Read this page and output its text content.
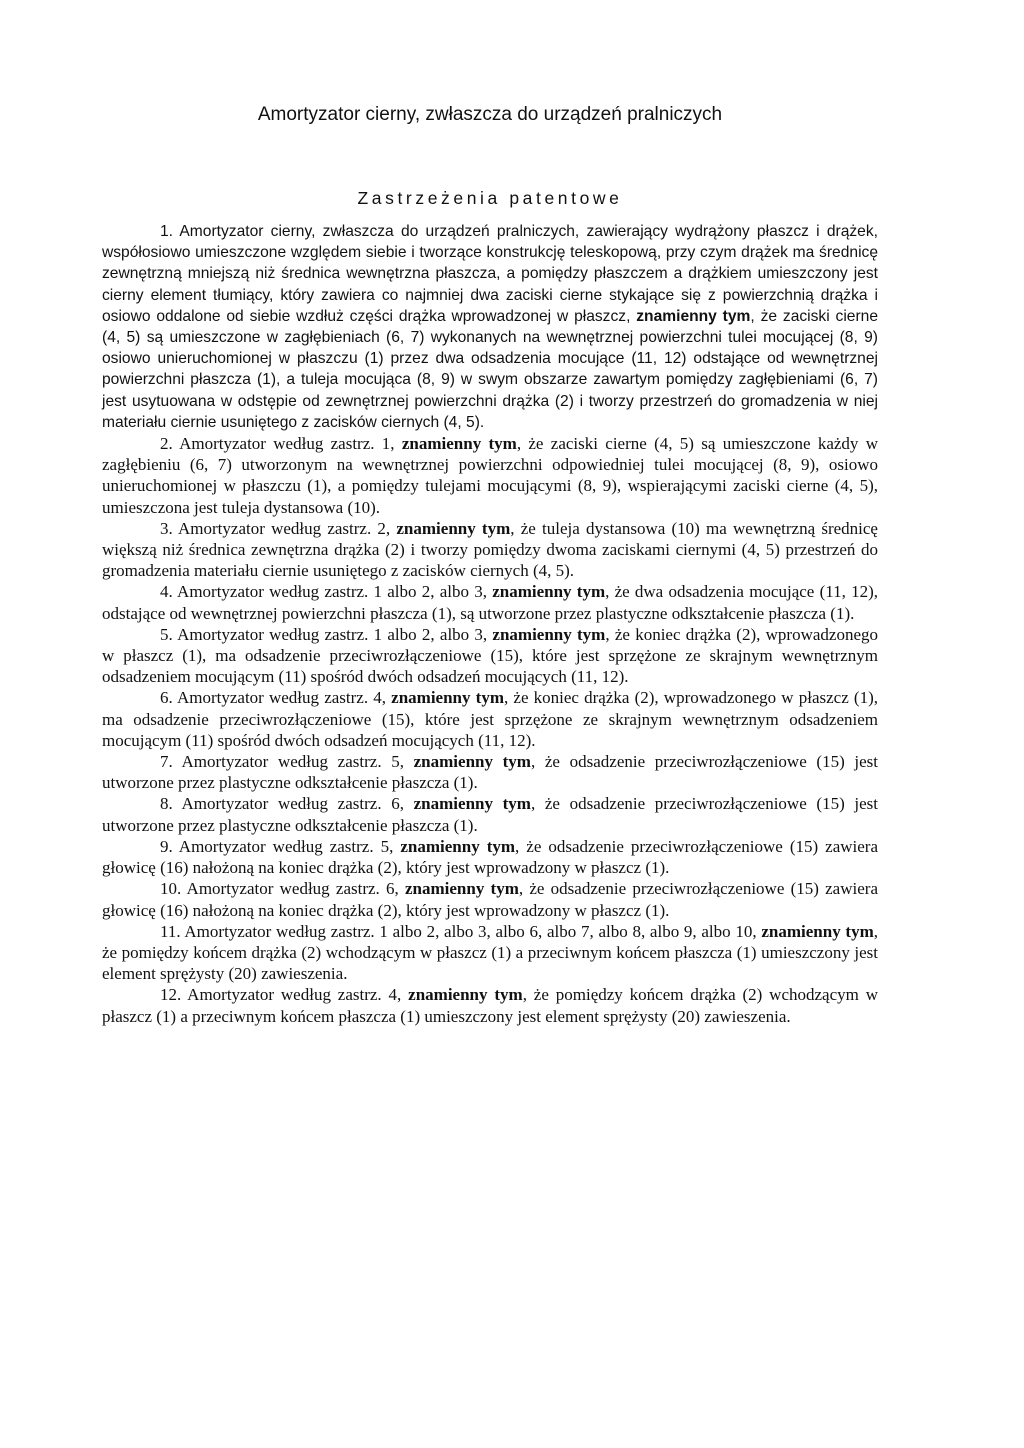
Amortyzator cierny, zwłaszcza do urządzeń pralniczych
Zastrzeżenia patentowe

1. Amortyzator cierny, zwłaszcza do urządzeń pralniczych, zawierający wydrążony płaszcz i drążek, współosiowo umieszczone względem siebie i tworzące konstrukcję teleskopową, przy czym drążek ma średnicę zewnętrzną mniejszą niż średnica wewnętrzna płaszcza, a pomiędzy płaszczem a drążkiem umieszczony jest cierny element tłumiący, który zawiera co najmniej dwa zaciski cierne stykające się z powierzchnią drążka i osiowo oddalone od siebie wzdłuż części drążka wprowadzonej w płaszcz, znamienny tym, że zaciski cierne (4, 5) są umieszczone w zagłębieniach (6, 7) wykonanych na wewnętrznej powierzchni tulei mocującej (8, 9) osiowo unieruchomionej w płaszczu (1) przez dwa odsadzenia mocujące (11, 12) odstające od wewnętrznej powierzchni płaszcza (1), a tuleja mocująca (8, 9) w swym obszarze zawartym pomiędzy zagłębieniami (6, 7) jest usytuowana w odstępie od zewnętrznej powierzchni drążka (2) i tworzy przestrzeń do gromadzenia w niej materiału ciernie usuniętego z zacisków ciernych (4, 5).

2. Amortyzator według zastrz. 1, znamienny tym, że zaciski cierne (4, 5) są umieszczone każdy w zagłębieniu (6, 7) utworzonym na wewnętrznej powierzchni odpowiedniej tulei mocującej (8, 9), osiowo unieruchomionej w płaszczu (1), a pomiędzy tulejami mocującymi (8, 9), wspierającymi zaciski cierne (4, 5), umieszczona jest tuleja dystansowa (10).

3. Amortyzator według zastrz. 2, znamienny tym, że tuleja dystansowa (10) ma wewnętrzną średnicę większą niż średnica zewnętrzna drążka (2) i tworzy pomiędzy dwoma zaciskami ciernymi (4, 5) przestrzeń do gromadzenia materiału ciernie usuniętego z zacisków ciernych (4, 5).

4. Amortyzator według zastrz. 1 albo 2, albo 3, znamienny tym, że dwa odsadzenia mocujące (11, 12), odstające od wewnętrznej powierzchni płaszcza (1), są utworzone przez plastyczne odkształcenie płaszcza (1).

5. Amortyzator według zastrz. 1 albo 2, albo 3, znamienny tym, że koniec drążka (2), wprowadzonego w płaszcz (1), ma odsadzenie przeciwrozłączeniowe (15), które jest sprzężone ze skrajnym wewnętrznym odsadzeniem mocującym (11) spośród dwóch odsadzeń mocujących (11, 12).

6. Amortyzator według zastrz. 4, znamienny tym, że koniec drążka (2), wprowadzonego w płaszcz (1), ma odsadzenie przeciwrozłączeniowe (15), które jest sprzężone ze skrajnym wewnętrznym odsadzeniem mocującym (11) spośród dwóch odsadzeń mocujących (11, 12).

7. Amortyzator według zastrz. 5, znamienny tym, że odsadzenie przeciwrozłączeniowe (15) jest utworzone przez plastyczne odkształcenie płaszcza (1).

8. Amortyzator według zastrz. 6, znamienny tym, że odsadzenie przeciwrozłączeniowe (15) jest utworzone przez plastyczne odkształcenie płaszcza (1).

9. Amortyzator według zastrz. 5, znamienny tym, że odsadzenie przeciwrozłączeniowe (15) zawiera głowicę (16) nałożoną na koniec drążka (2), który jest wprowadzony w płaszcz (1).

10. Amortyzator według zastrz. 6, znamienny tym, że odsadzenie przeciwrozłączeniowe (15) zawiera głowicę (16) nałożoną na koniec drążka (2), który jest wprowadzony w płaszcz (1).

11. Amortyzator według zastrz. 1 albo 2, albo 3, albo 6, albo 7, albo 8, albo 9, albo 10, znamienny tym, że pomiędzy końcem drążka (2) wchodzącym w płaszcz (1) a przeciwnym końcem płaszcza (1) umieszczony jest element sprężysty (20) zawieszenia.

12. Amortyzator według zastrz. 4, znamienny tym, że pomiędzy końcem drążka (2) wchodzącym w płaszcz (1) a przeciwnym końcem płaszcza (1) umieszczony jest element sprężysty (20) zawieszenia.
